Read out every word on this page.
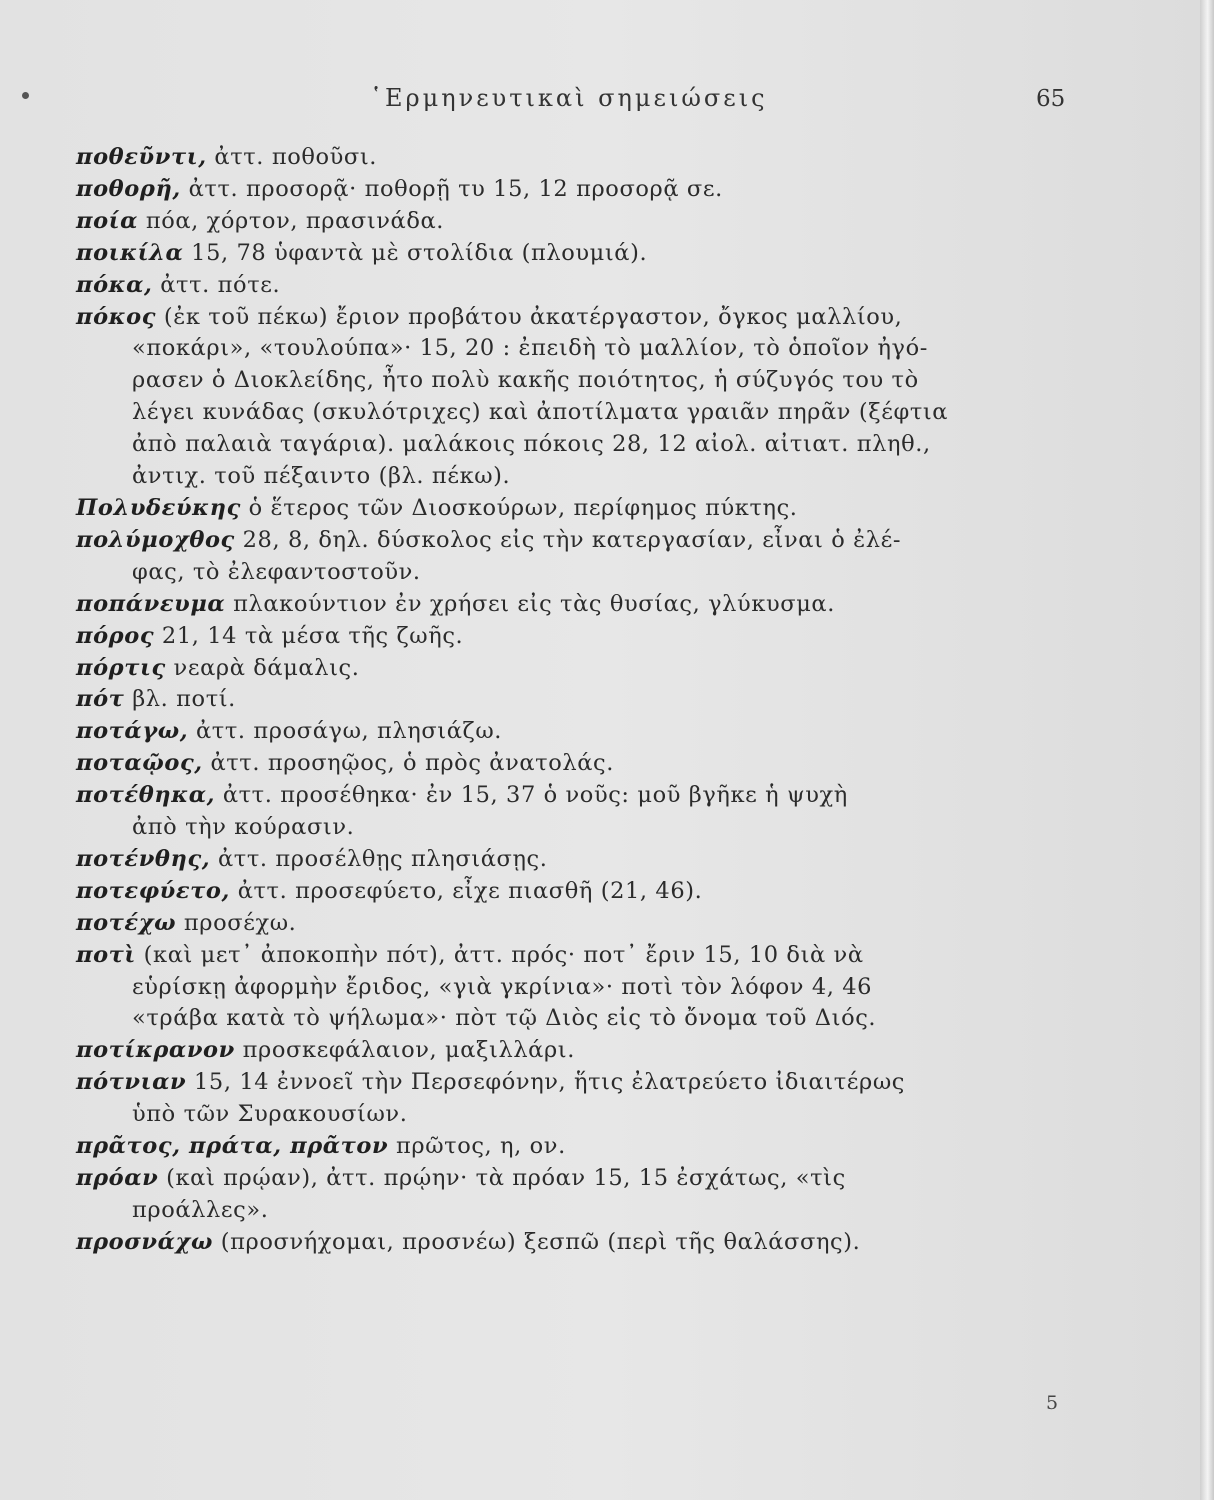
῾Ερμηνευτικαὶ σημειώσεις	65
ποθεῦντι, ἀττ. ποθοῦσι.
ποθορῆ, ἀττ. προσορᾷ· ποθορῇ τυ 15, 12 προσορᾷ σε.
ποία πόα, χόρτον, πρασινάδα.
ποικίλα 15, 78 ὑφαντὰ μὲ στολίδια (πλουμιά).
πόκα, ἀττ. πότε.
πόκος (ἐκ τοῦ πέκω) ἔριον προβάτου ἀκατέργαστον, ὄγκος μαλλίου,
«ποκάρι», «τουλούπα»· 15, 20 : ἐπειδὴ τὸ μαλλίον, τὸ ὁποῖον ἠγό-
ρασεν ὁ Διοκλείδης, ἦτο πολὺ κακῆς ποιότητος, ἡ σύζυγός του τὸ
λέγει κυνάδας (σκυλότριχες) καὶ ἀποτίλματα γραιᾶν πηρᾶν (ξέφτια
ἀπὸ παλαιὰ ταγάρια). μαλάκοις πόκοις 28, 12 αἰολ. αἰτιατ. πληθ.,
ἀντιχ. τοῦ πέξαιντο (βλ. πέκω).
Πολυδεύκης ὁ ἕτερος τῶν Διοσκούρων, περίφημος πύκτης.
πολύμοχθος 28, 8, δηλ. δύσκολος εἰς τὴν κατεργασίαν, εἶναι ὁ ἐλέ-
φας, τὸ ἐλεφαντοστοῦν.
ποπάνευμα πλακούντιον ἐν χρήσει εἰς τὰς θυσίας, γλύκυσμα.
πόρος 21, 14 τὰ μέσα τῆς ζωῆς.
πόρτις νεαρὰ δάμαλις.
πότ βλ. ποτί.
ποτάγω, ἀττ. προσάγω, πλησιάζω.
ποταῷος, ἀττ. προσηῷος, ὁ πρὸς ἀνατολάς.
ποτέθηκα, ἀττ. προσέθηκα· ἐν 15, 37 ὁ νοῦς: μοῦ βγῆκε ἡ ψυχὴ
ἀπὸ τὴν κούρασιν.
ποτένθης, ἀττ. προσέλθῃς πλησιάσῃς.
ποτεφύετο, ἀττ. προσεφύετο, εἶχε πιασθῆ (21, 46).
ποτέχω προσέχω.
ποτὶ (καὶ μετ᾿ ἀποκοπὴν πότ), ἀττ. πρός· ποτ᾿ ἔριν 15, 10 διὰ νὰ
εὑρίσκῃ ἀφορμὴν ἔριδος, «γιὰ γκρίνια»· ποτὶ τὸν λόφον 4, 46
«τράβα κατὰ τὸ ψήλωμα»· πὸτ τῷ Διὸς εἰς τὸ ὄνομα τοῦ Διός.
ποτίκρανον προσκεφάλαιον, μαξιλλάρι.
πότνιαν 15, 14 ἐννοεῖ τὴν Περσεφόνην, ἥτις ἐλατρεύετο ἰδιαιτέρως
ὑπὸ τῶν Συρακουσίων.
πρᾶτος, πράτα, πρᾶτον πρῶτος, η, ον.
πρόαν (καὶ πρῴαν), ἀττ. πρῴην· τὰ πρόαν 15, 15 ἐσχάτως, «τὶς
προάλλες».
προσνάχω (προσνήχομαι, προσνέω) ξεσπῶ (περὶ τῆς θαλάσσης).
5
